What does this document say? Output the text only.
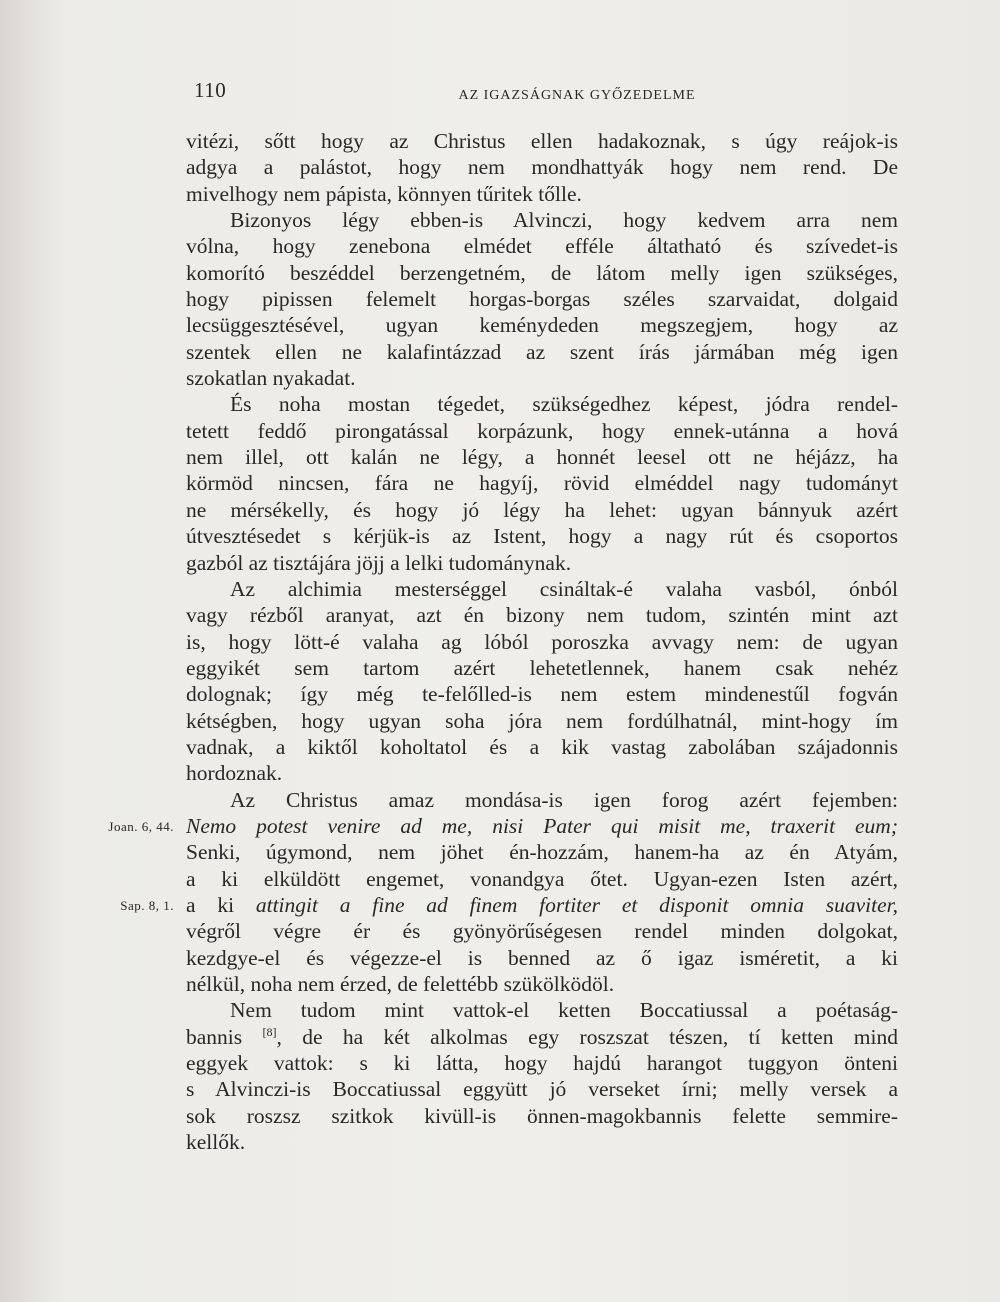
110	AZ IGAZSÁGNAK GYŐZEDELME
vitézi, sőtt hogy az Christus ellen hadakoznak, s úgy reájok-is
adgya a palástot, hogy nem mondhattyák hogy nem rend. De
mivelhogy nem pápista, könnyen tűritek tőlle.
Bizonyos légy ebben-is Alvinczi, hogy kedvem arra nem
vólna, hogy zenebona elmédet efféle áltatható és szívedet-is
komorító beszéddel berzengetném, de látom melly igen szükséges,
hogy pipissen felemelt horgas-borgas széles szarvaidat, dolgaid
lecsüggesztésével, ugyan keménydeden megszegjem, hogy az
szentek ellen ne kalafintázzad az szent írás jármában még igen
szokatlan nyakadat.
És noha mostan tégedet, szükségedhez képest, jódra rendel-
tetett feddő pirongatással korpázunk, hogy ennek-utánna a hová
nem illel, ott kalán ne légy, a honnét leesel ott ne héjázz, ha
körmöd nincsen, fára ne hagyíj, rövid elméddel nagy tudományt
ne mérsékelly, és hogy jó légy ha lehet: ugyan bánnyuk azért
útvesztésedet s kérjük-is az Istent, hogy a nagy rút és csoportos
gazból az tisztájára jöjj a lelki tudománynak.
Az alchimia mesterséggel csináltak-é valaha vasból, ónból
vagy rézből aranyat, azt én bizony nem tudom, szintén mint azt
is, hogy lött-é valaha ag lóból poroszka avvagy nem: de ugyan
eggyikét sem tartom azért lehetetlennek, hanem csak nehéz
dolognak; így még te-felőlled-is nem estem mindenestűl fogván
kétségben, hogy ugyan soha jóra nem fordúlhatnál, mint-hogy ím
vadnak, a kiktől koholtatol és a kik vastag zabolában szájadonnis
hordoznak.
Az Christus amaz mondása-is igen forog azért fejemben:
Nemo potest venire ad me, nisi Pater qui misit me, traxerit eum;
Senki, úgymond, nem jöhet én-hozzám, hanem-ha az én Atyám,
a ki elküldött engemet, vonandgya őtet. Ugyan-ezen Isten azért,
a ki attingit a fine ad finem fortiter et disponit omnia suaviter,
végről végre ér és gyönyörűségesen rendel minden dolgokat,
kezdgye-el és végezze-el is benned az ő igaz isméretit, a ki
nélkül, noha nem érzed, de felettébb szükölködöl.
Nem tudom mint vattok-el ketten Boccatiussal a poétaság-
bannis [8], de ha két alkolmas egy roszszat tészen, tí ketten mind
eggyek vattok: s ki látta, hogy hajdú harangot tuggyon önteni
s Alvinczi-is Boccatiussal eggyütt jó verseket írni; melly versek a
sok roszsz szitkok kivüll-is önnen-magokbannis felette semmire-
kellők.
Joan. 6, 44.
Sap. 8, 1.
